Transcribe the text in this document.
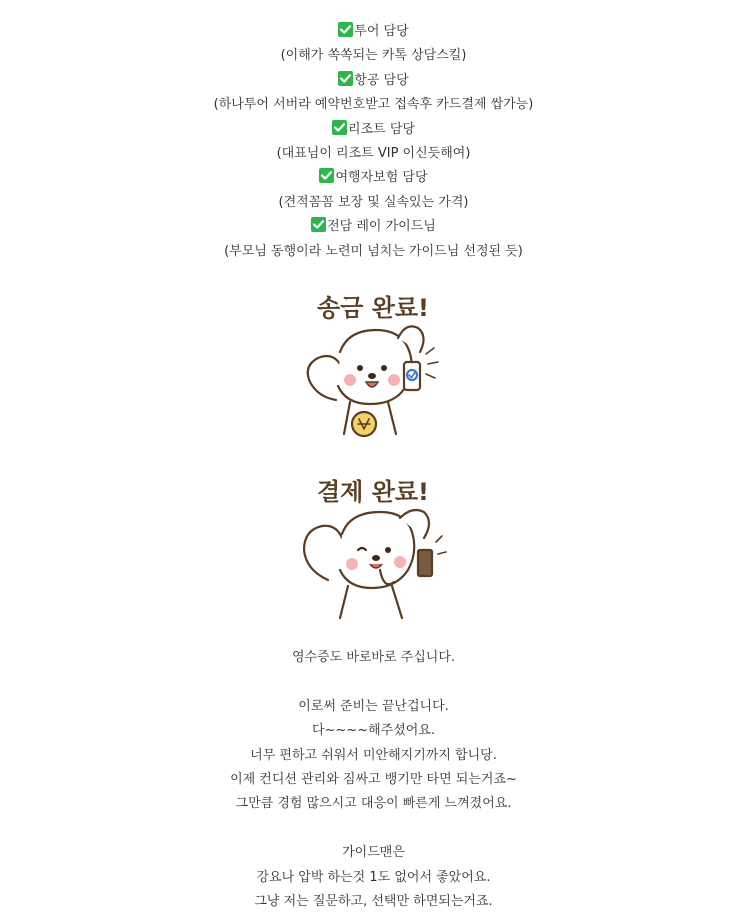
투어 담당
(이해가 쏙쏙되는 카톡 상담스킬)
항공 담당
(하나투어 서버라 예약번호받고 접속후 카드결제 쌉가능)
리조트 담당
(대표님이 리조트 VIP 이신듯해여)
여행자보험 담당
(견적꼼꼼 보장 및 실속있는 가격)
전담 레이 가이드님
(부모님 동행이라 노련미 넘치는 가이드님 선정된 듯)
송금 완료!
결제 완료!
영수증도 바로바로 주십니다.
이로써 준비는 끝난겁니다.
다~~~~해주셨어요.
너무 편하고 쉬워서 미안해지기까지 합니당.
이제 컨디션 관리와 짐싸고 뱅기만 타면 되는거죠~
그만큼 경험 많으시고 대응이 빠른게 느껴졌어요.
가이드맨은
강요나 압박 하는것 1도 없어서 좋았어요.
그냥 저는 질문하고, 선택만 하면되는거죠.
